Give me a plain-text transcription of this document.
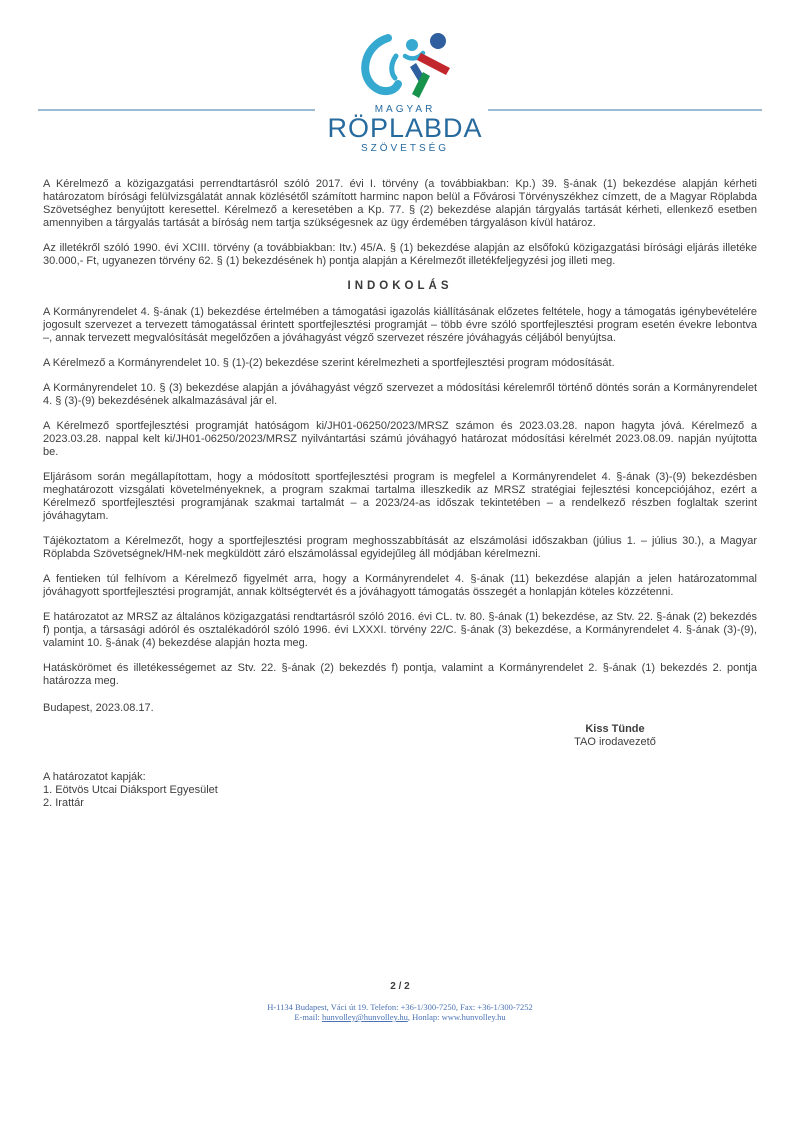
MAGYAR
RÖPLABDA
SZÖVETSÉG

A Kérelmező a közigazgatási perrendtartásról szóló 2017. évi I. törvény (a továbbiakban: Kp.) 39. §-ának (1) bekezdése alapján kérheti határozatom bírósági felülvizsgálatát annak közlésétől számított harminc napon belül a Fővárosi Törvényszékhez címzett, de a Magyar Röplabda Szövetséghez benyújtott keresettel. Kérelmező a keresetében a Kp. 77. § (2) bekezdése alapján tárgyalás tartását kérheti, ellenkező esetben amennyiben a tárgyalás tartását a bíróság nem tartja szükségesnek az ügy érdemében tárgyaláson kívül határoz.

Az illetékről szóló 1990. évi XCIII. törvény (a továbbiakban: Itv.) 45/A. § (1) bekezdése alapján az elsőfokú közigazgatási bírósági eljárás illetéke 30.000,- Ft, ugyanezen törvény 62. § (1) bekezdésének h) pontja alapján a Kérelmezőt illetékfeljegyzési jog illeti meg.

INDOKOLÁS

A Kormányrendelet 4. §-ának (1) bekezdése értelmében a támogatási igazolás kiállításának előzetes feltétele, hogy a támogatás igénybevételére jogosult szervezet a tervezett támogatással érintett sportfejlesztési programját – több évre szóló sportfejlesztési program esetén évekre lebontva –, annak tervezett megvalósítását megelőzően a jóváhagyást végző szervezet részére jóváhagyás céljából benyújtsa.

A Kérelmező a Kormányrendelet 10. § (1)-(2) bekezdése szerint kérelmezheti a sportfejlesztési program módosítását.

A Kormányrendelet 10. § (3) bekezdése alapján a jóváhagyást végző szervezet a módosítási kérelemről történő döntés során a Kormányrendelet 4. § (3)-(9) bekezdésének alkalmazásával jár el.

A Kérelmező sportfejlesztési programját hatóságom ki/JH01-06250/2023/MRSZ számon és 2023.03.28. napon hagyta jóvá. Kérelmező a 2023.03.28. nappal kelt ki/JH01-06250/2023/MRSZ nyilvántartási számú jóváhagyó határozat módosítási kérelmét 2023.08.09. napján nyújtotta be.

Eljárásom során megállapítottam, hogy a módosított sportfejlesztési program is megfelel a Kormányrendelet 4. §-ának (3)-(9) bekezdésben meghatározott vizsgálati követelményeknek, a program szakmai tartalma illeszkedik az MRSZ stratégiai fejlesztési koncepciójához, ezért a Kérelmező sportfejlesztési programjának szakmai tartalmát – a 2023/24-as időszak tekintetében – a rendelkező részben foglaltak szerint jóváhagytam.

Tájékoztatom a Kérelmezőt, hogy a sportfejlesztési program meghosszabbítását az elszámolási időszakban (július 1. – július 30.), a Magyar Röplabda Szövetségnek/HM-nek megküldött záró elszámolással egyidejűleg áll módjában kérelmezni.

A fentieken túl felhívom a Kérelmező figyelmét arra, hogy a Kormányrendelet 4. §-ának (11) bekezdése alapján a jelen határozatommal jóváhagyott sportfejlesztési programját, annak költségtervét és a jóváhagyott támogatás összegét a honlapján köteles közzétenni.

E határozatot az MRSZ az általános közigazgatási rendtartásról szóló 2016. évi CL. tv. 80. §-ának (1) bekezdése, az Stv. 22. §-ának (2) bekezdés f) pontja, a társasági adóról és osztalékadóról szóló 1996. évi LXXXI. törvény 22/C. §-ának (3) bekezdése, a Kormányrendelet 4. §-ának (3)-(9), valamint 10. §-ának (4) bekezdése alapján hozta meg.

Hatáskörömet és illetékességemet az Stv. 22. §-ának (2) bekezdés f) pontja, valamint a Kormányrendelet 2. §-ának (1) bekezdés 2. pontja határozza meg.

Budapest, 2023.08.17.

Kiss Tünde
TAO irodavezető
A határozatot kapják:
1. Eötvös Utcai Diáksport Egyesület
2. Irattár
2 / 2
H-1134 Budapest, Váci út 19. Telefon: +36-1/300-7250, Fax: +36-1/300-7252
E-mail: hunvolley@hunvolley.hu, Honlap: www.hunvolley.hu
